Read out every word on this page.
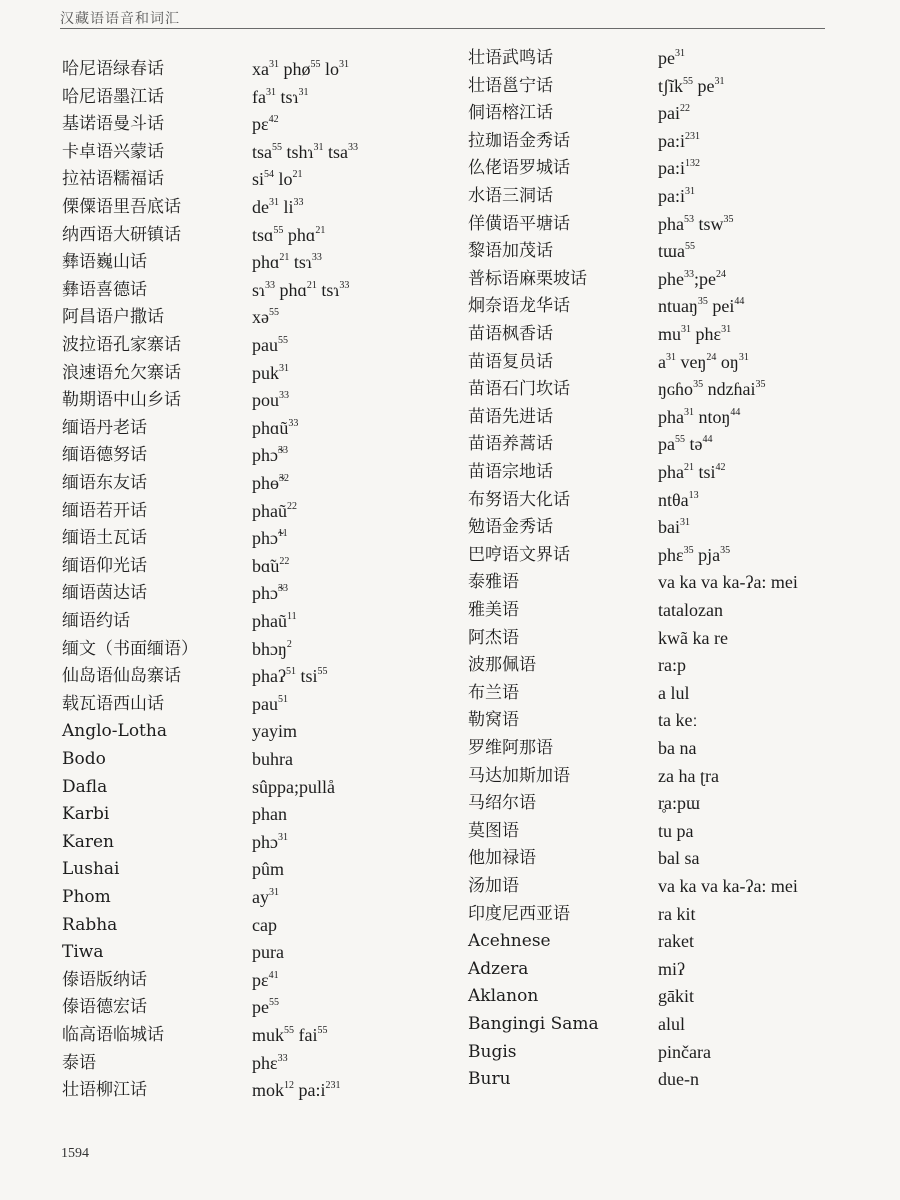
汉藏语语音和词汇
哈尼语绿春话	$xa^{31}$ phø$^{55}$ $lo^{31}$
哈尼语墨江话	$fa^{31}$ tsɿ$^{31}$
基诺语曼斗话	pɛ$^{42}$
卡卓语兴蒙话	tsa$^{55}$ tshɿ$^{31}$ tsa$^{33}$
拉祜语糯福话	$si^{54}$ $lo^{21}$
傈僳语里吾底话	$de^{31}$ $li^{33}$
纳西语大研镇话	tsɑ$^{55}$ phɑ$^{21}$
彝语巍山话	phɑ$^{21}$ tsɿ$^{33}$
彝语喜德话	sɿ$^{33}$ phɑ$^{21}$ tsɿ$^{33}$
阿昌语户撒话	xə$^{55}$
波拉语孔家寨话	pau$^{55}$
浪速语允欠寨话	puk$^{31}$
勒期语中山乡话	pou$^{33}$
缅语丹老话	phɑũ$^{33}$
缅语德努话	phɔ̃$^{33}$
缅语东友话	phɵ̃$^{32}$
缅语若开话	phaũ$^{22}$
缅语土瓦话	phɔ̃$^{11}$
缅语仰光话	$bɑ̃u^{22}$
缅语茵达话	phɔ̃$^{33}$
缅语约话	phaũ$^{11}$
缅文（书面缅语）	bhɔŋ$^2$
仙岛语仙岛寨话	phaʔ$^{51}$ tsi$^{55}$
载瓦语西山话	pau$^{51}$
Anglo-Lotha	yayim
Bodo	buhra
Dafla	sûppa;pullå
Karbi	phan
Karen	phɔ$^{31}$
Lushai	pûm
Phom	$ay^{31}$
Rabha	cap
Tiwa	pura
傣语版纳话	pɛ$^{41}$
傣语德宏话	$pe^{55}$
临高语临城话	muk$^{55}$ fai$^{55}$
泰语	phɛ$^{33}$
壮语柳江话	mok$^{12}$ $pa:i^{231}$
壮语武鸣话	$pe^{31}$
壮语邕宁话	tʃĩk$^{55}$ $pe^{31}$
侗语榕江话	pai$^{22}$
拉珈语金秀话	$pa:i^{231}$
仫佬语罗城话	$pa:i^{132}$
水语三洞话	$pa:i^{31}$
佯僙语平塘话	pha$^{53}$ tsw$^{35}$
黎语加茂话	tɯa$^{55}$
普标语麻栗坡话	$phe^{33};pe^{24}$
炯奈语龙华话	ntuaŋ$^{35}$ pei$^{44}$
苗语枫香话	$mu^{31}$ phɛ$^{31}$
苗语复员话	$a^{31}$ veŋ$^{24}$ $oŋ^{31}$
苗语石门坎话	ŋɢɦo$^{35}$ ndzɦai$^{35}$
苗语先进话	pha$^{31}$ ntoŋ$^{44}$
苗语养蒿话	$pa^{55}$ tə$^{44}$
苗语宗地话	pha$^{21}$ tsi$^{42}$
布努语大化话	ntθa$^{13}$
勉语金秀话	bai$^{31}$
巴哼语文界话	phɛ$^{35}$ pja$^{35}$
泰雅语	va ka va ka-ʔa: mei
雅美语	tatalozan
阿杰语	kwã ka re
波那佩语	ra:p
布兰语	a lul
勒窝语	ta keː
罗维阿那语	ba na
马达加斯加语	za ha ʈra
马绍尔语	r̥a:pɯ
莫图语	tu pa
他加禄语	bal sa
汤加语	va ka va ka-ʔa: mei
印度尼西亚语	ra kit
Acehnese	raket
Adzera	miʔ
Aklanon	gākit
Bangingi Sama	alul
Bugis	pinčara
Buru	due-n
1594
